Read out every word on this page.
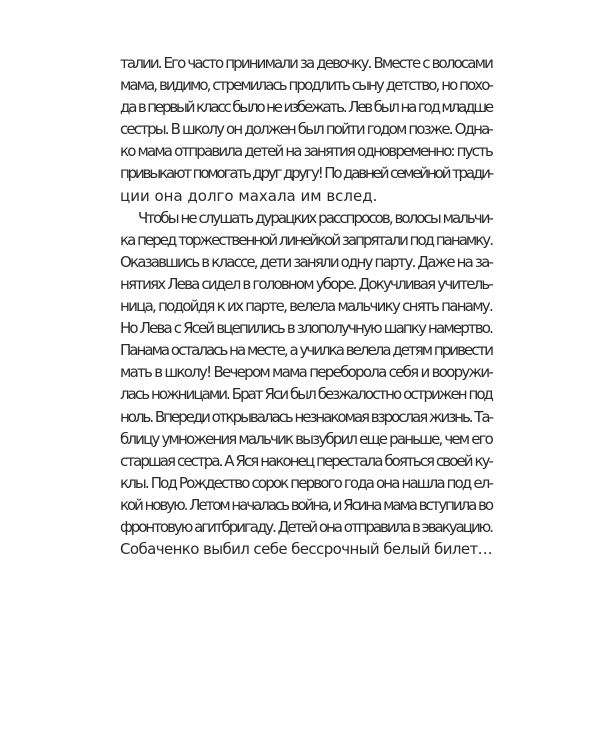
талии. Его часто принимали за девочку. Вместе с волосами
мама, видимо, стремилась продлить сыну детство, но похо-
да в первый класс было не избежать. Лев был на год младше
сестры. В школу он должен был пойти годом позже. Одна-
ко мама отправила детей на занятия одновременно: пусть
привыкают помогать друг другу! По давней семейной тради-
ции она долго махала им вслед.
Чтобы не слушать дурацких расспросов, волосы мальчи-
ка перед торжественной линейкой запрятали под панамку.
Оказавшись в классе, дети заняли одну парту. Даже на за-
нятиях Лева сидел в головном уборе. Докучливая учитель-
ница, подойдя к их парте, велела мальчику снять панаму.
Но Лева с Ясей вцепились в злополучную шапку намертво.
Панама осталась на месте, а училка велела детям привести
мать в школу! Вечером мама переборола себя и вооружи-
лась ножницами. Брат Яси был безжалостно острижен под
ноль. Впереди открывалась незнакомая взрослая жизнь. Та-
блицу умножения мальчик вызубрил еще раньше, чем его
старшая сестра. А Яся наконец перестала бояться своей ку-
клы. Под Рождество сорок первого года она нашла под ел-
кой новую. Летом началась война, и Ясина мама вступила во
фронтовую агитбригаду. Детей она отправила в эвакуацию.
Собаченко выбил себе бессрочный белый билет…
